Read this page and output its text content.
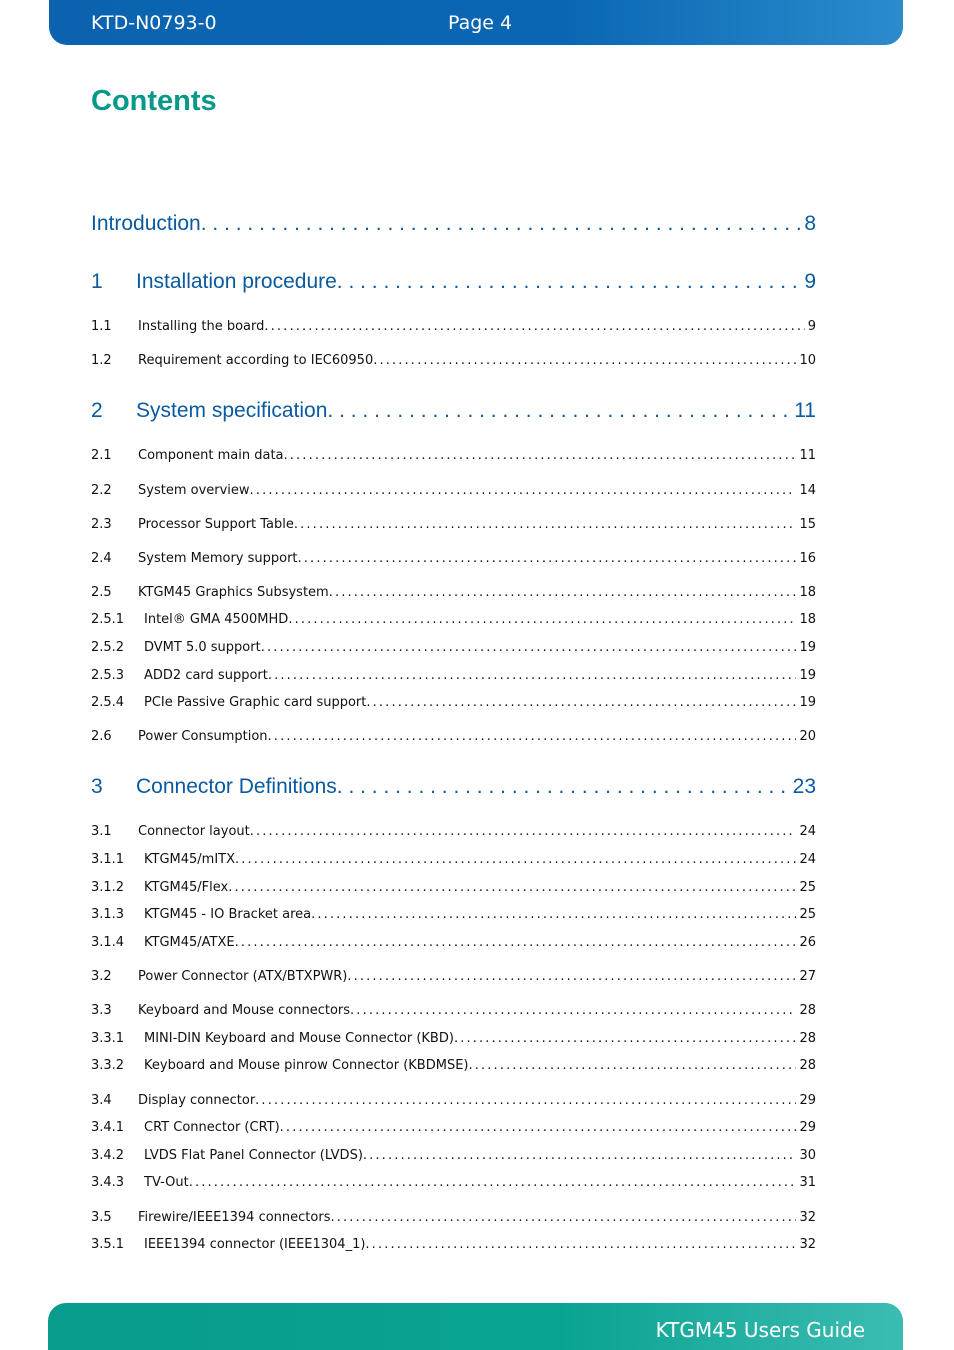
KTD-N0793-0	Page 4
Contents
Introduction . . .	8
1	Installation procedure . . .	9
1.1	Installing the board . . .	9
1.2	Requirement according to IEC60950 . . .	10
2	System specification . . .	11
2.1	Component main data . . .	11
2.2	System overview . . .	14
2.3	Processor Support Table . . .	15
2.4	System Memory support . . .	16
2.5	KTGM45 Graphics Subsystem . . .	18
2.5.1	Intel® GMA 4500MHD . . .	18
2.5.2	DVMT 5.0 support . . .	19
2.5.3	ADD2 card support . . .	19
2.5.4	PCIe Passive Graphic card support . . .	19
2.6	Power Consumption . . .	20
3	Connector Definitions . . .	23
3.1	Connector layout . . .	24
3.1.1	KTGM45/mITX . . .	24
3.1.2	KTGM45/Flex . . .	25
3.1.3	KTGM45 - IO Bracket area . . .	25
3.1.4	KTGM45/ATXE . . .	26
3.2	Power Connector (ATX/BTXPWR) . . .	27
3.3	Keyboard and Mouse connectors . . .	28
3.3.1	MINI-DIN Keyboard and Mouse Connector (KBD) . . .	28
3.3.2	Keyboard and Mouse pinrow Connector (KBDMSE) . . .	28
3.4	Display connector . . .	29
3.4.1	CRT Connector (CRT) . . .	29
3.4.2	LVDS Flat Panel Connector (LVDS) . . .	30
3.4.3	TV-Out . . .	31
3.5	Firewire/IEEE1394 connectors . . .	32
3.5.1	IEEE1394 connector (IEEE1304_1) . . .	32
KTGM45 Users Guide
